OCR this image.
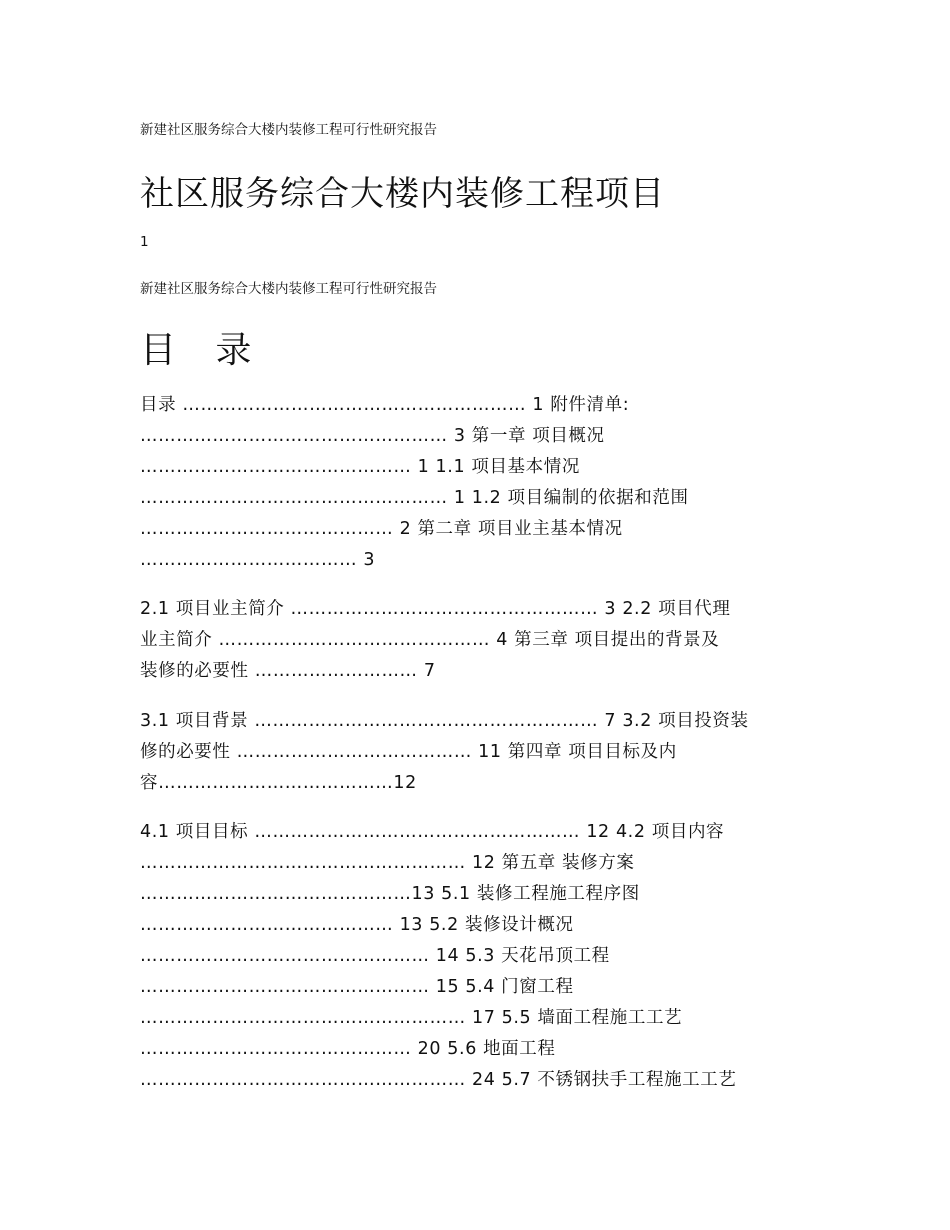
新建社区服务综合大楼内装修工程可行性研究报告
社区服务综合大楼内装修工程项目
1
新建社区服务综合大楼内装修工程可行性研究报告
目 录
目录 ………………………………………………… 1 附件清单:
…………………………………………… 3 第一章 项目概况
……………………………………… 1 1.1 项目基本情况
…………………………………………… 1 1.2 项目编制的依据和范围
…………………………………… 2 第二章 项目业主基本情况
……………………………… 3
2.1 项目业主简介 …………………………………………… 3 2.2 项目代理
业主简介 ……………………………………… 4 第三章 项目提出的背景及
装修的必要性 ……………………… 7
3.1 项目背景 ………………………………………………… 7 3.2 项目投资装
修的必要性 ………………………………… 11 第四章 项目目标及内
容…………………………………12
4.1 项目目标 ……………………………………………… 12 4.2 项目内容
……………………………………………… 12 第五章 装修方案
………………………………………13 5.1 装修工程施工程序图
…………………………………… 13 5.2 装修设计概况
………………………………………… 14 5.3 天花吊顶工程
………………………………………… 15 5.4 门窗工程
……………………………………………… 17 5.5 墙面工程施工工艺
……………………………………… 20 5.6 地面工程
……………………………………………… 24 5.7 不锈钢扶手工程施工工艺
